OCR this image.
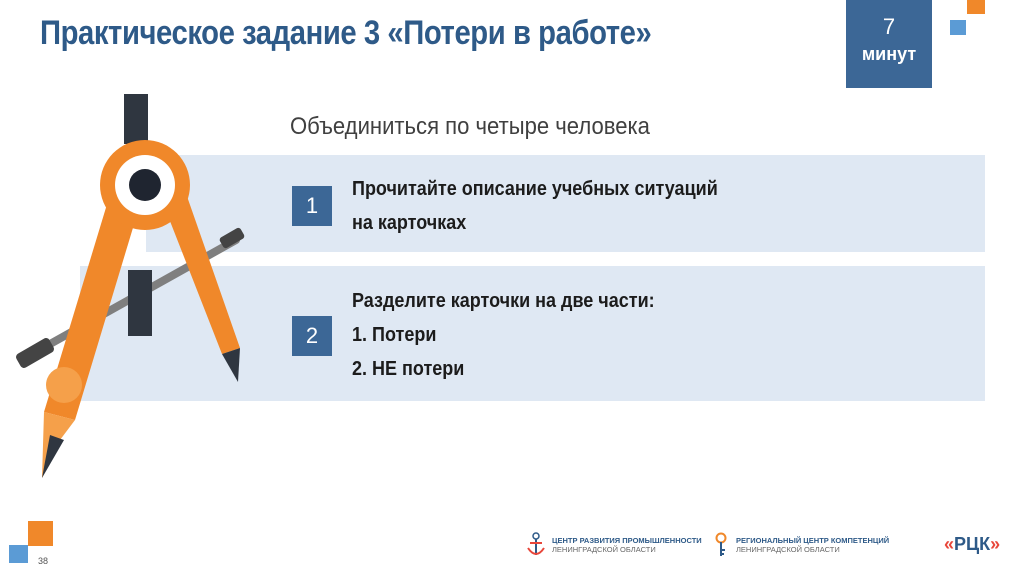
Практическое задание 3 «Потери в работе»	7
минут
Объединиться по четыре человека
1
Прочитайте описание учебных ситуаций
на карточках
2
Разделите карточки на две части:
1. Потери
2. НЕ потери
38
ЦЕНТР РАЗВИТИЯ ПРОМЫШЛЕННОСТИ
ЛЕНИНГРАДСКОЙ ОБЛАСТИ
РЕГИОНАЛЬНЫЙ ЦЕНТР КОМПЕТЕНЦИЙ
ЛЕНИНГРАДСКОЙ ОБЛАСТИ	«РЦК»
